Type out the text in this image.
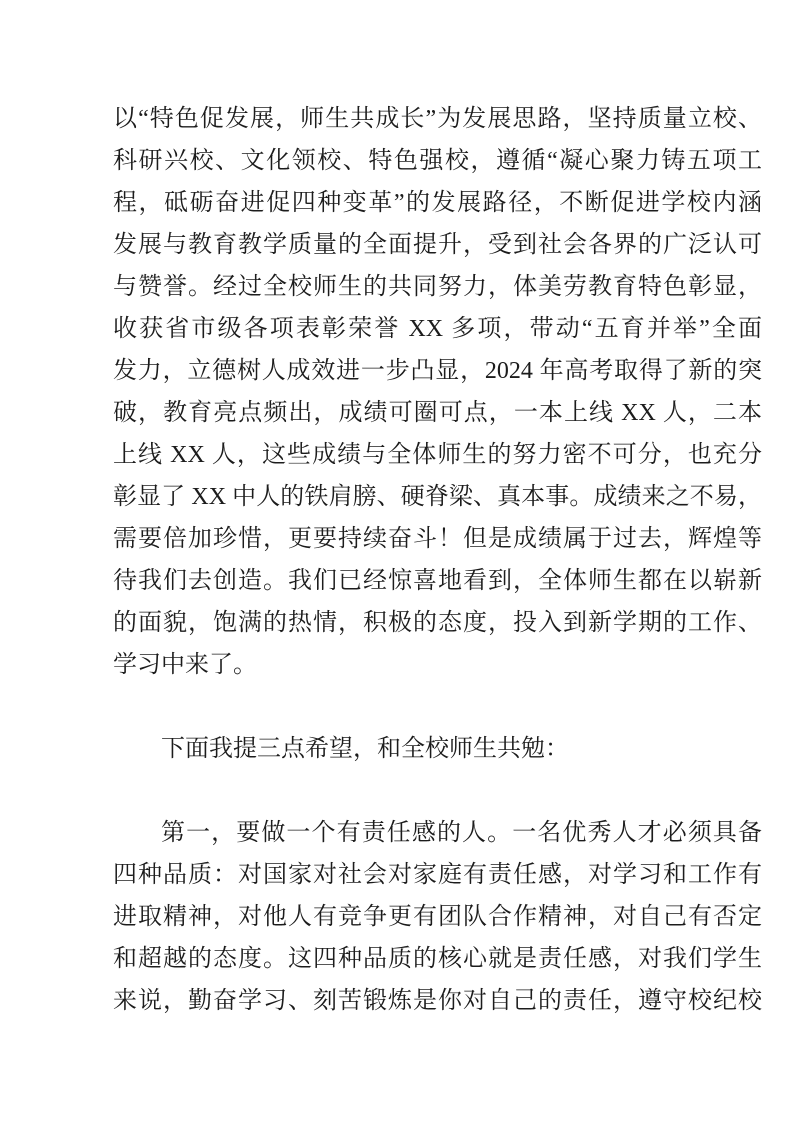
以“特色促发展，师生共成长”为发展思路，坚持质量立校、
科研兴校、文化领校、特色强校，遵循“凝心聚力铸五项工
程，砥砺奋进促四种变革”的发展路径，不断促进学校内涵
发展与教育教学质量的全面提升，受到社会各界的广泛认可
与赞誉。经过全校师生的共同努力，体美劳教育特色彰显，
收获省市级各项表彰荣誉 XX 多项，带动“五育并举”全面
发力，立德树人成效进一步凸显，2024 年高考取得了新的突
破，教育亮点频出，成绩可圈可点，一本上线 XX 人，二本
上线 XX 人，这些成绩与全体师生的努力密不可分，也充分
彰显了 XX 中人的铁肩膀、硬脊梁、真本事。成绩来之不易，
需要倍加珍惜，更要持续奋斗！但是成绩属于过去，辉煌等
待我们去创造。我们已经惊喜地看到，全体师生都在以崭新
的面貌，饱满的热情，积极的态度，投入到新学期的工作、
学习中来了。
下面我提三点希望，和全校师生共勉：
第一，要做一个有责任感的人。一名优秀人才必须具备
四种品质：对国家对社会对家庭有责任感，对学习和工作有
进取精神，对他人有竞争更有团队合作精神，对自己有否定
和超越的态度。这四种品质的核心就是责任感，对我们学生
来说，勤奋学习、刻苦锻炼是你对自己的责任，遵守校纪校
